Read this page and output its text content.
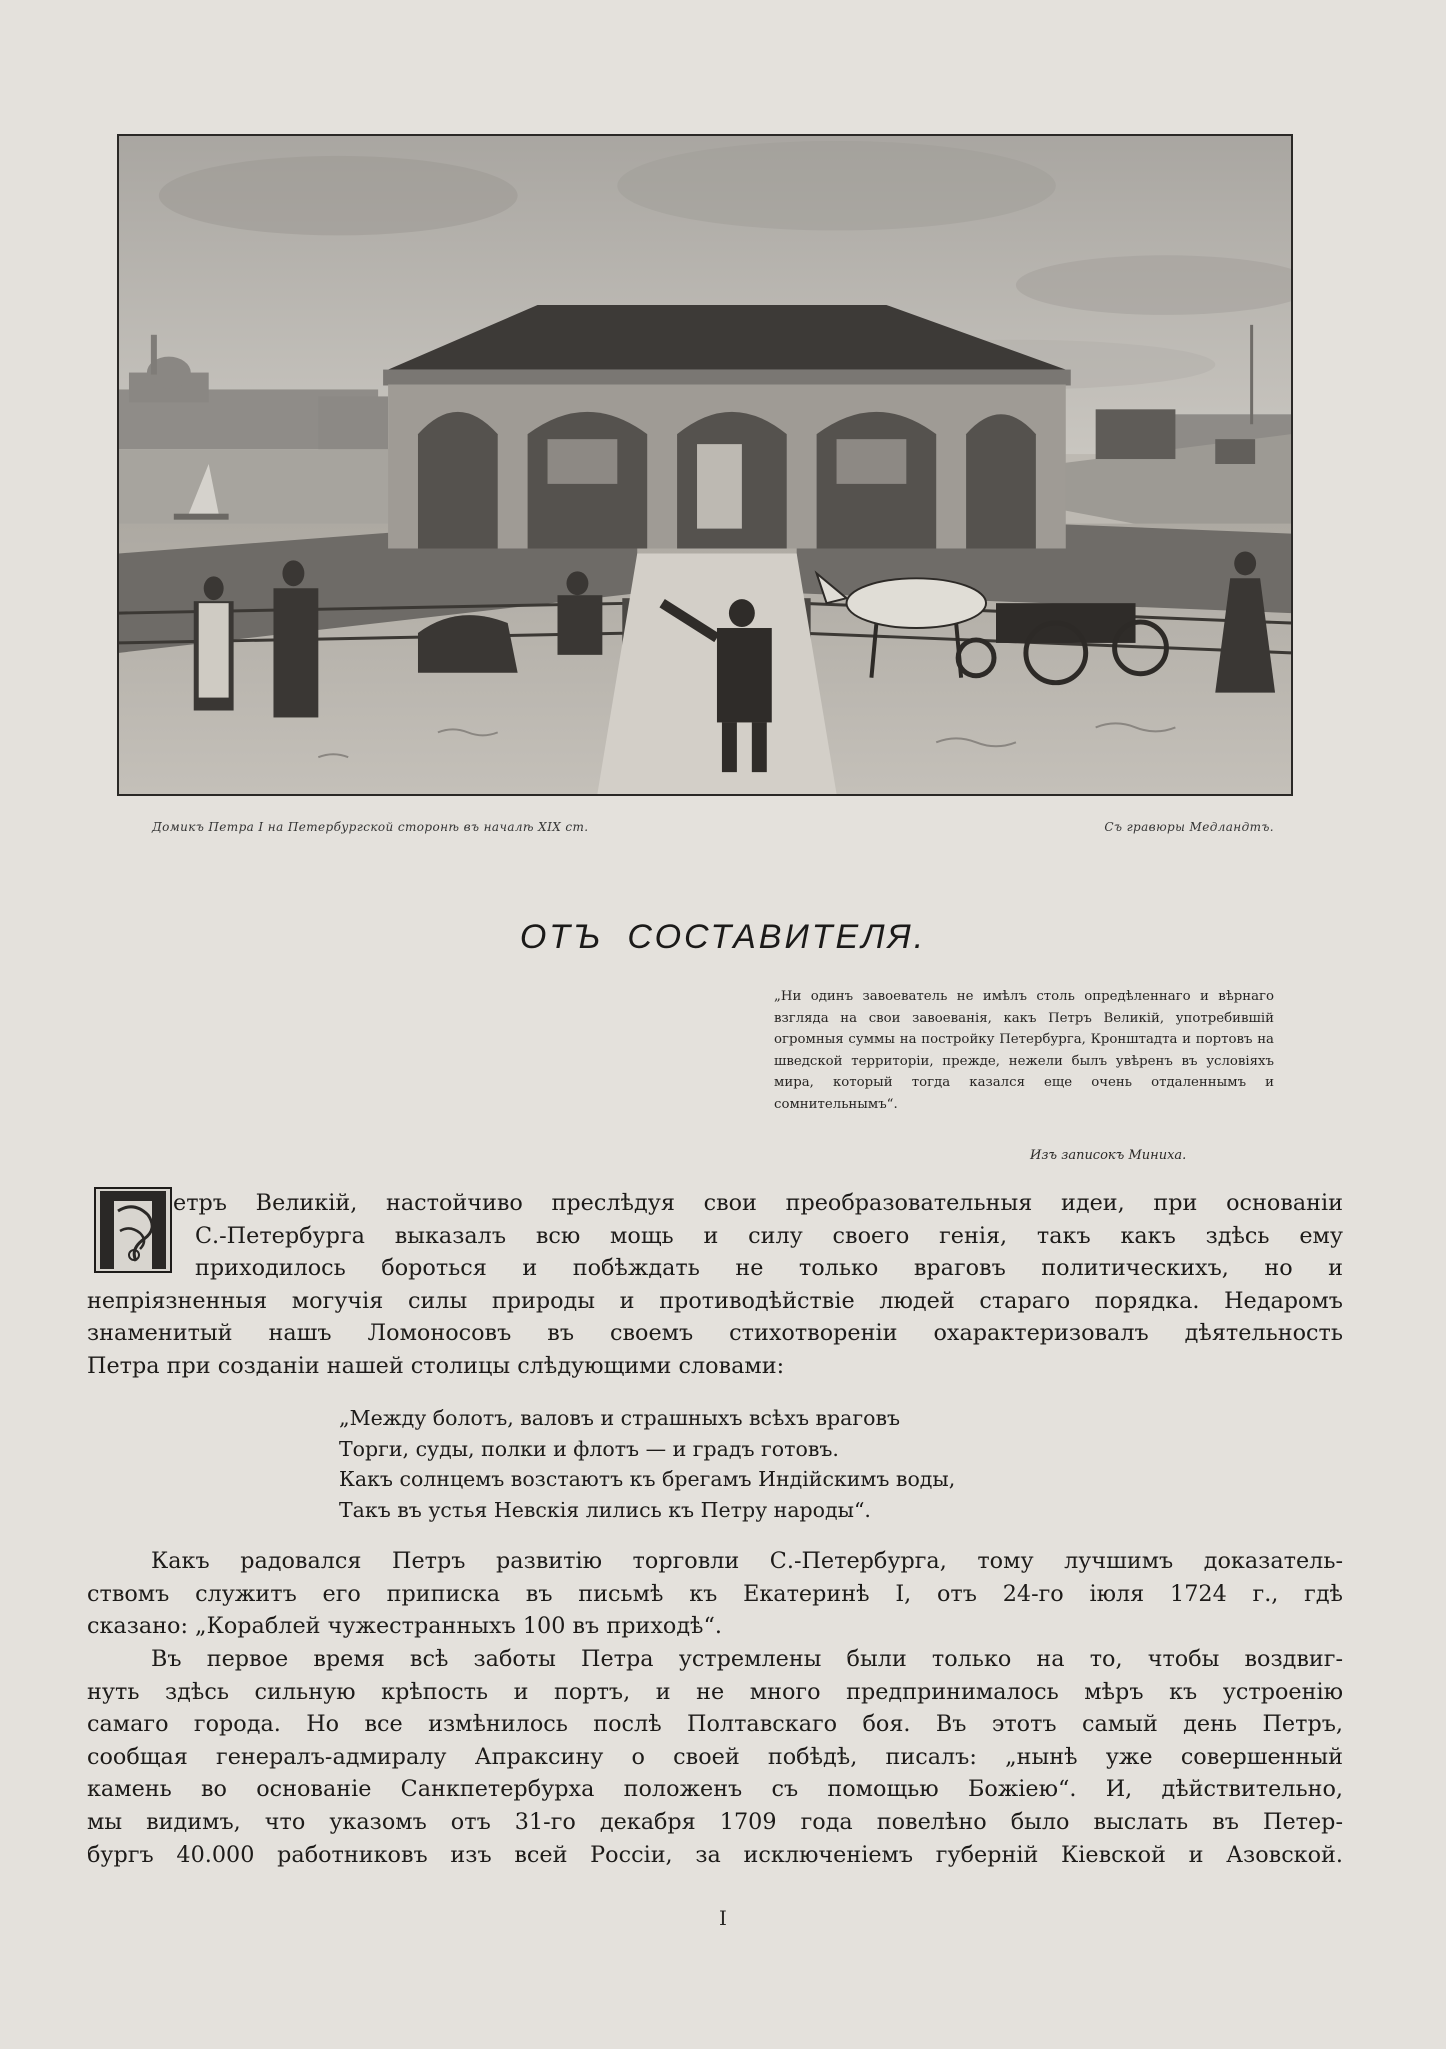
Домикъ Петра I на Петербургской сторонѣ въ началѣ XIX ст.	Съ гравюры Медландтъ.
ОТЪ СОСТАВИТЕЛЯ.
„Ни одинъ завоеватель не имѣлъ столь опредѣленнаго и вѣрнаго взгляда на свои завоеванія, какъ Петръ Великій, употребившій огромныя суммы на постройку Петербурга, Кронштадта и портовъ на шведской территоріи, прежде, нежели былъ увѣренъ въ условіяхъ мира, который тогда казался еще очень отдаленнымъ и сомнительнымъ“.
Изъ записокъ Миниха.
етръ Великій, настойчиво преслѣдуя свои преобразовательныя идеи, при основаніи
С.-Петербурга выказалъ всю мощь и силу своего генія, такъ какъ здѣсь ему
приходилось бороться и побѣждать не только враговъ политическихъ, но и
непріязненныя могучія силы природы и противодѣйствіе людей стараго порядка. Недаромъ
знаменитый нашъ Ломоносовъ въ своемъ стихотвореніи охарактеризовалъ дѣятельность
Петра при созданіи нашей столицы слѣдующими словами:
„Между болотъ, валовъ и страшныхъ всѣхъ враговъ
Торги, суды, полки и флотъ — и градъ готовъ.
Какъ солнцемъ возстаютъ къ брегамъ Индійскимъ воды,
Такъ въ устья Невскія лились къ Петру народы“.
Какъ радовался Петръ развитію торговли С.-Петербурга, тому лучшимъ доказатель-
ствомъ служитъ его приписка въ письмѣ къ Екатеринѣ I, отъ 24-го іюля 1724 г., гдѣ
сказано: „Кораблей чужестранныхъ 100 въ приходѣ“.
Въ первое время всѣ заботы Петра устремлены были только на то, чтобы воздвиг-
нуть здѣсь сильную крѣпость и портъ, и не много предпринималось мѣръ къ устроенію
самаго города. Но все измѣнилось послѣ Полтавскаго боя. Въ этотъ самый день Петръ,
сообщая генералъ-адмиралу Апраксину о своей побѣдѣ, писалъ: „нынѣ уже совершенный
камень во основаніе Санкпетербурха положенъ съ помощью Божіею“. И, дѣйствительно,
мы видимъ, что указомъ отъ 31-го декабря 1709 года повелѣно было выслать въ Петер-
бургъ 40.000 работниковъ изъ всей Россіи, за исключеніемъ губерній Кіевской и Азовской.
I
